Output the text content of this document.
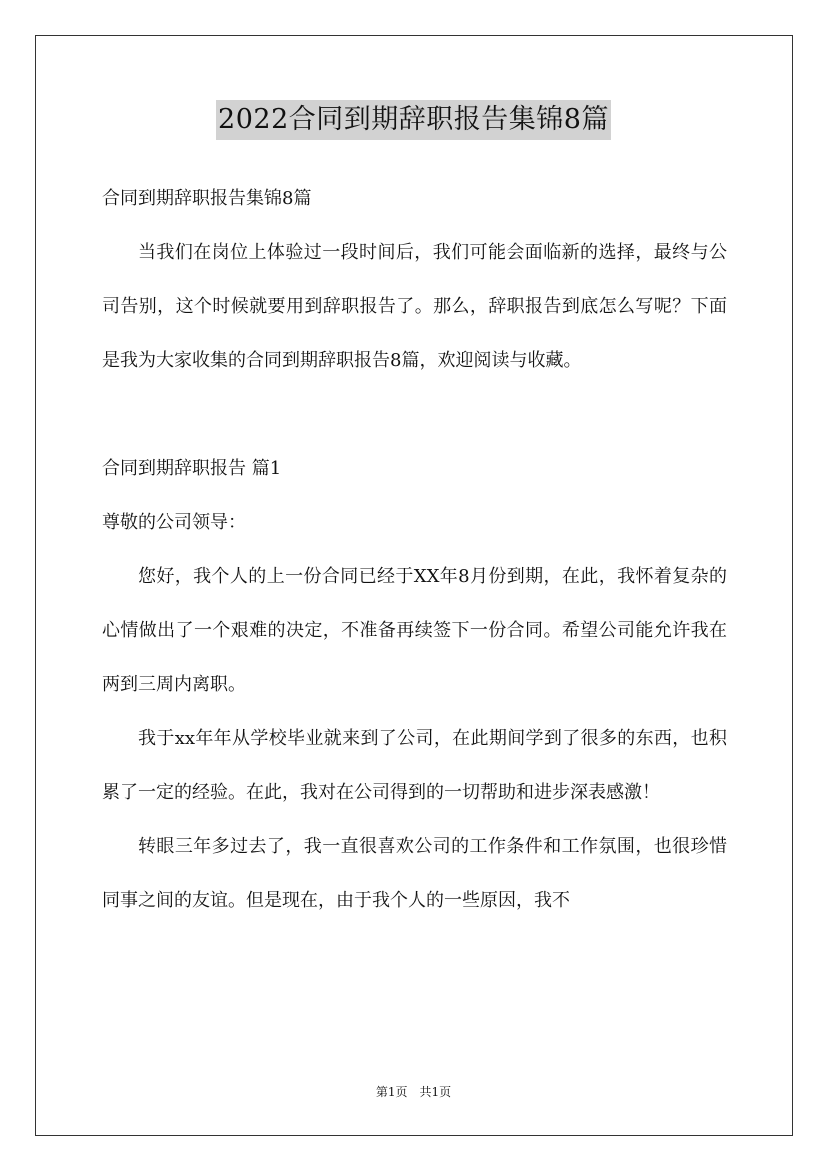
2022合同到期辞职报告集锦8篇

合同到期辞职报告集锦8篇

当我们在岗位上体验过一段时间后，我们可能会面临新的选择，最终与公司告别，这个时候就要用到辞职报告了。那么，辞职报告到底怎么写呢？下面是我为大家收集的合同到期辞职报告8篇，欢迎阅读与收藏。

合同到期辞职报告 篇1

尊敬的公司领导：

您好，我个人的上一份合同已经于XX年8月份到期，在此，我怀着复杂的心情做出了一个艰难的决定，不准备再续签下一份合同。希望公司能允许我在两到三周内离职。

我于xx年年从学校毕业就来到了公司，在此期间学到了很多的东西，也积累了一定的经验。在此，我对在公司得到的一切帮助和进步深表感激！

转眼三年多过去了，我一直很喜欢公司的工作条件和工作氛围，也很珍惜同事之间的友谊。但是现在，由于我个人的一些原因，我不

第1页　共1页
